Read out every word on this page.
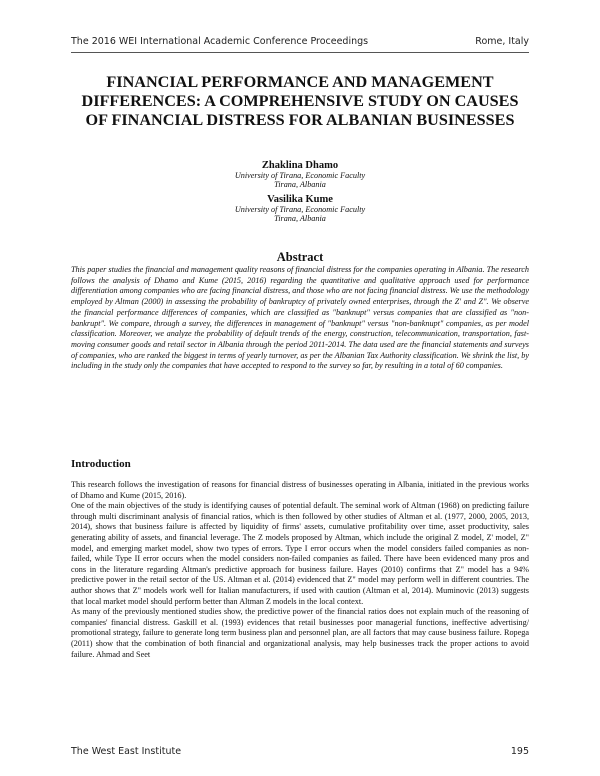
The 2016 WEI International Academic Conference Proceedings	Rome, Italy
FINANCIAL PERFORMANCE AND MANAGEMENT DIFFERENCES: A COMPREHENSIVE STUDY ON CAUSES OF FINANCIAL DISTRESS FOR ALBANIAN BUSINESSES
Zhaklina Dhamo
University of Tirana, Economic Faculty
Tirana, Albania
Vasilika Kume
University of Tirana, Economic Faculty
Tirana, Albania
Abstract

This paper studies the financial and management quality reasons of financial distress for the companies operating in Albania. The research follows the analysis of Dhamo and Kume (2015, 2016) regarding the quantitative and qualitative approach used for performance differentiation among companies who are facing financial distress, and those who are not facing financial distress. We use the methodology employed by Altman (2000) in assessing the probability of bankruptcy of privately owned enterprises, through the Z' and Z". We observe the financial performance differences of companies, which are classified as "banknupt" versus companies that are classified as "non-bankrupt". We compare, through a survey, the differences in management of "banknupt" versus "non-banknupt" companies, as per model classification. Moreover, we analyze the probability of default trends of the energy, construction, telecommunication, transportation, fast-moving consumer goods and retail sector in Albania through the period 2011-2014. The data used are the financial statements and surveys of companies, who are ranked the biggest in terms of yearly turnover, as per the Albanian Tax Authority classification. We shrink the list, by including in the study only the companies that have accepted to respond to the survey so far, by resulting in a total of 60 companies.

Introduction

This research follows the investigation of reasons for financial distress of businesses operating in Albania, initiated in the previous works of Dhamo and Kume (2015, 2016).

One of the main objectives of the study is identifying causes of potential default. The seminal work of Altman (1968) on predicting failure through multi discriminant analysis of financial ratios, which is then followed by other studies of Altman et al. (1977, 2000, 2005, 2013, 2014), shows that business failure is affected by liquidity of firms' assets, cumulative profitability over time, asset productivity, sales generating ability of assets, and financial leverage. The Z models proposed by Altman, which include the original Z model, Z' model, Z" model, and emerging market model, show two types of errors. Type I error occurs when the model considers failed companies as non-failed, while Type II error occurs when the model considers non-failed companies as failed. There have been evidenced many pros and cons in the literature regarding Altman's predictive approach for business failure. Hayes (2010) confirms that Z" model has a 94% predictive power in the retail sector of the US. Altman et al. (2014) evidenced that Z" model may perform well in different countries. The author shows that Z" models work well for Italian manufacturers, if used with caution (Altman et al, 2014). Muminovic (2013) suggests that local market model should perform better than Altman Z models in the local context.

As many of the previously mentioned studies show, the predictive power of the financial ratios does not explain much of the reasoning of companies' financial distress. Gaskill et al. (1993) evidences that retail businesses poor managerial functions, ineffective advertising/ promotional strategy, failure to generate long term business plan and personnel plan, are all factors that may cause business failure. Ropega (2011) show that the combination of both financial and organizational analysis, may help businesses track the proper actions to avoid failure. Ahmad and Seet

The West East Institute	195
